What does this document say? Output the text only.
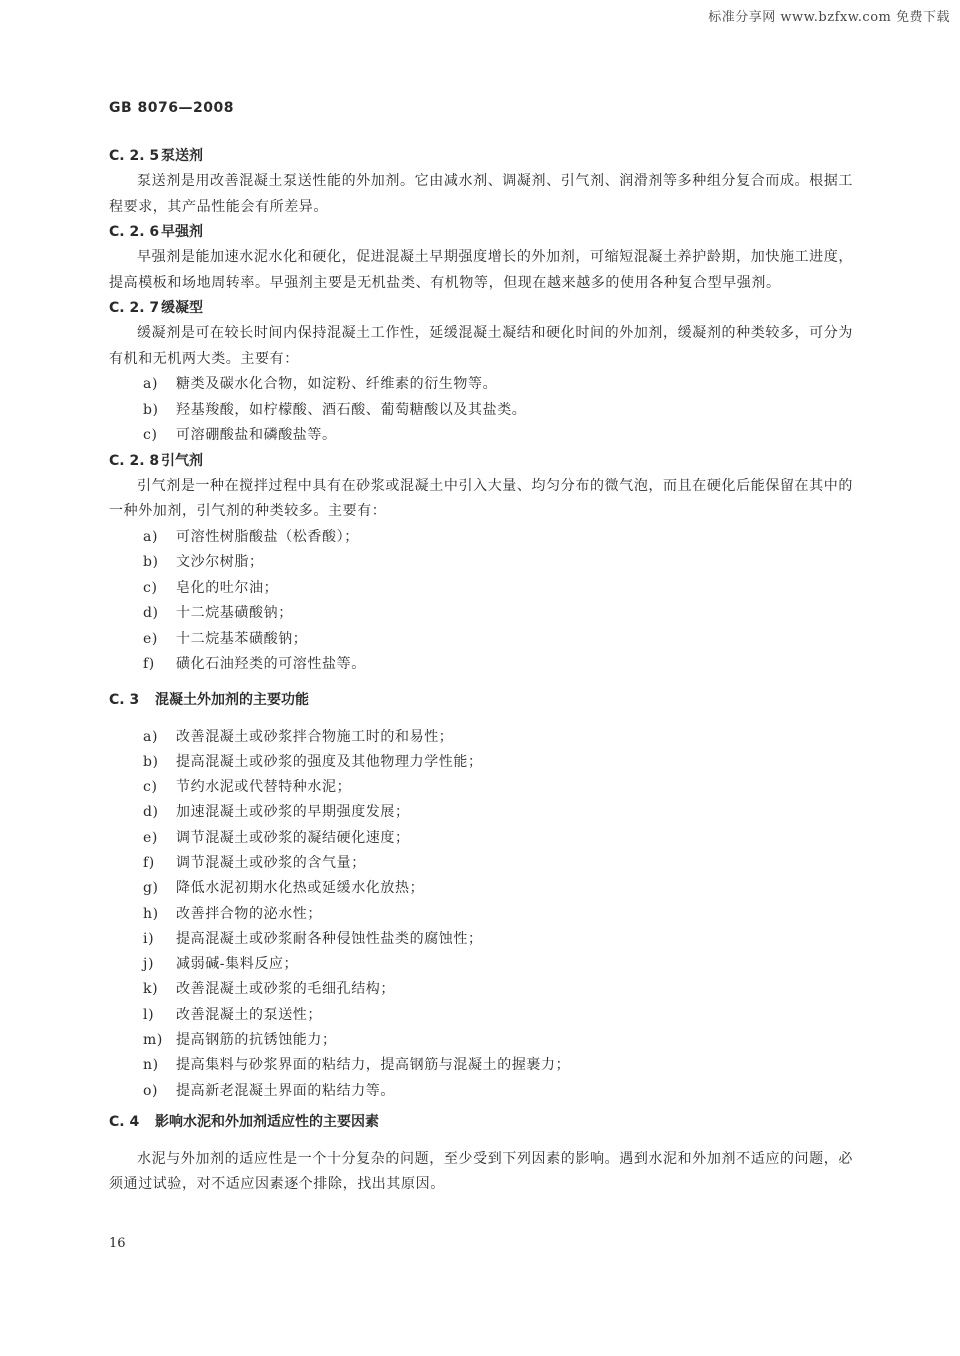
标准分享网 www.bzfxw.com 免费下载
GB 8076—2008
C. 2. 5 泵送剂
泵送剂是用改善混凝土泵送性能的外加剂。它由减水剂、调凝剂、引气剂、润滑剂等多种组分复合而成。根据工程要求，其产品性能会有所差异。
C. 2. 6 早强剂
早强剂是能加速水泥水化和硬化，促进混凝土早期强度增长的外加剂，可缩短混凝土养护龄期，加快施工进度，提高模板和场地周转率。早强剂主要是无机盐类、有机物等，但现在越来越多的使用各种复合型早强剂。
C. 2. 7 缓凝型
缓凝剂是可在较长时间内保持混凝土工作性，延缓混凝土凝结和硬化时间的外加剂，缓凝剂的种类较多，可分为有机和无机两大类。主要有：
a) 糖类及碳水化合物，如淀粉、纤维素的衍生物等。
b) 羟基羧酸，如柠檬酸、酒石酸、葡萄糖酸以及其盐类。
c) 可溶硼酸盐和磷酸盐等。
C. 2. 8 引气剂
引气剂是一种在搅拌过程中具有在砂浆或混凝土中引入大量、均匀分布的微气泡，而且在硬化后能保留在其中的一种外加剂，引气剂的种类较多。主要有：
a) 可溶性树脂酸盐（松香酸）；
b) 文沙尔树脂；
c) 皂化的吐尔油；
d) 十二烷基磺酸钠；
e) 十二烷基苯磺酸钠；
f) 磺化石油羟类的可溶性盐等。
C. 3 混凝土外加剂的主要功能
a) 改善混凝土或砂浆拌合物施工时的和易性；
b) 提高混凝土或砂浆的强度及其他物理力学性能；
c) 节约水泥或代替特种水泥；
d) 加速混凝土或砂浆的早期强度发展；
e) 调节混凝土或砂浆的凝结硬化速度；
f) 调节混凝土或砂浆的含气量；
g) 降低水泥初期水化热或延缓水化放热；
h) 改善拌合物的泌水性；
i) 提高混凝土或砂浆耐各种侵蚀性盐类的腐蚀性；
j) 减弱碱-集料反应；
k) 改善混凝土或砂浆的毛细孔结构；
l) 改善混凝土的泵送性；
m) 提高钢筋的抗锈蚀能力；
n) 提高集料与砂浆界面的粘结力，提高钢筋与混凝土的握裹力；
o) 提高新老混凝土界面的粘结力等。
C. 4 影响水泥和外加剂适应性的主要因素
水泥与外加剂的适应性是一个十分复杂的问题，至少受到下列因素的影响。遇到水泥和外加剂不适应的问题，必须通过试验，对不适应因素逐个排除，找出其原因。
16
